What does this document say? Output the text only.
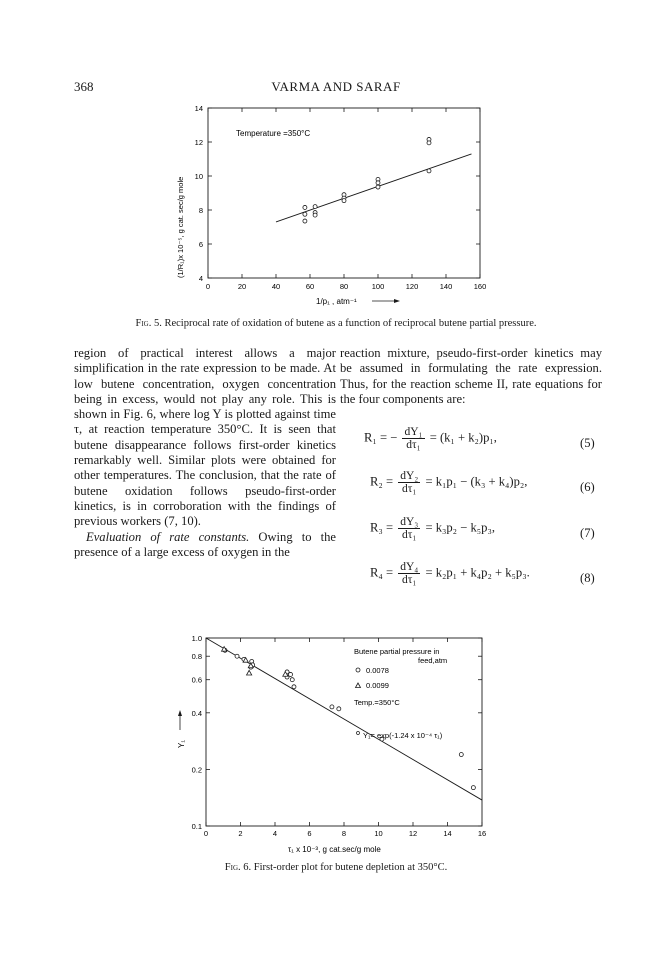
368	VARMA AND SARAF
0	20	40	60	80	100	120	140	160
4
6
8
10
12
14
Temperature =350°C
(1/R₁)x 10⁻⁵, g cat. sec/g mole
1/p₁ , atm⁻¹
Fig. 5. Reciprocal rate of oxidation of butene as a function of reciprocal butene partial pressure.

region of practical interest allows a major simplification in the rate expression to be made. At low butene concentration, oxygen concentration being in excess, would not play any role. This is shown in Fig. 6, where log Y is plotted against time τ, at reaction temperature 350°C. It is seen that butene disappearance follows first-order kinetics remarkably well. Similar plots were obtained for other temperatures. The conclusion, that the rate of butene oxidation follows pseudo-first-order kinetics, is in corroboration with the findings of previous workers (7, 10).

Evaluation of rate constants. Owing to the presence of a large excess of oxygen in the

reaction mixture, pseudo-first-order kinetics may be assumed in formulating the rate expression. Thus, for the reaction scheme II, rate equations for the four components are:

R₁ = − $\frac{\text{dY₁}}{\text{dτ₁}} = (k_1 + k_2)p_1$,	(5)
$R_2 = \frac{\text{dY₂}}{\text{dτ₁}} = k_1p_1 - (k_3 + k_4)p_2$,	(6)
$R_3 = \frac{\text{dY₃}}{\text{dτ₁}} = k_3p_2 - k_5p_3$,	(7)
$R_4 = \frac{\text{dY₄}}{\text{dτ₁}} = k_2p_1 + k_4p_2 + k_5p_3$.	(8)
0	2	4	6	8	10	12	14	16
0.1
0.2
0.4
0.6
0.8
1.0
Butene partial pressure in
feed,atm
0.0078
0.0099
Temp.=350°C
Y₁= exp(-1.24 x 10⁻⁴ τ₁)
Y₁
τ₁ x 10⁻³, g cat.sec/g mole
Fig. 6. First-order plot for butene depletion at 350°C.
